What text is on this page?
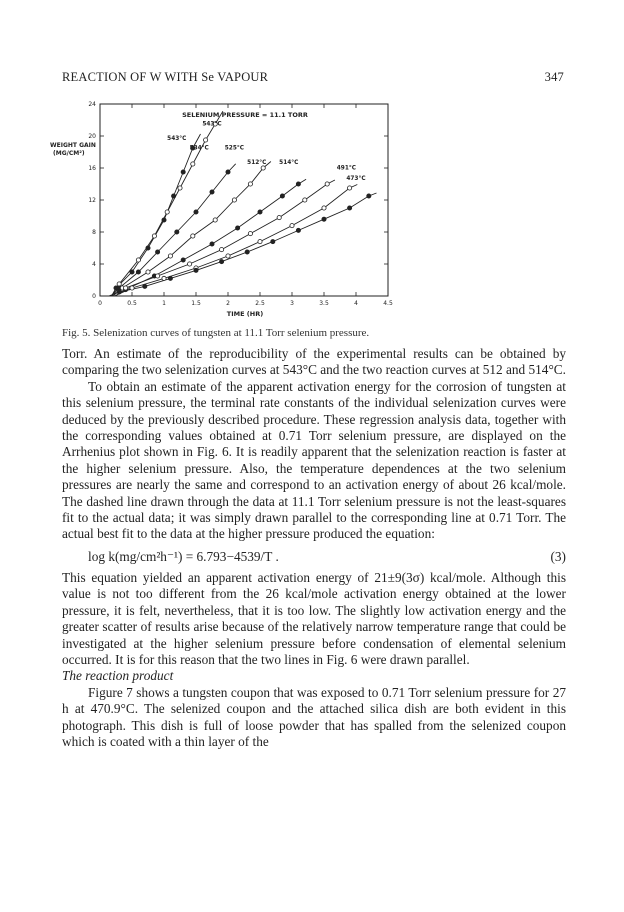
REACTION OF W WITH Se VAPOUR	347
0	0.5	1	1.5	2	2.5	3	3.5	4	4.5
0
4
8
12
16
20
24
543°C
543°C
534°C	525°C
512°C 514°C
491°C
473°C
SELENIUM PRESSURE = 11.1 TORR
WEIGHT GAIN
(MG/CM²)
TIME (HR)
Fig. 5. Selenization curves of tungsten at 11.1 Torr selenium pressure.

Torr. An estimate of the reproducibility of the experimental results can be obtained by comparing the two selenization curves at 543°C and the two reaction curves at 512 and 514°C.

To obtain an estimate of the apparent activation energy for the corrosion of tungsten at this selenium pressure, the terminal rate constants of the individual selenization curves were deduced by the previously described procedure. These regression analysis data, together with the corresponding values obtained at 0.71 Torr selenium pressure, are displayed on the Arrhenius plot shown in Fig. 6. It is readily apparent that the selenization reaction is faster at the higher selenium pressure. Also, the temperature dependences at the two selenium pressures are nearly the same and correspond to an activation energy of about 26 kcal/mole. The dashed line drawn through the data at 11.1 Torr selenium pressure is not the least-squares fit to the actual data; it was simply drawn parallel to the corresponding line at 0.71 Torr. The actual best fit to the data at the higher pressure produced the equation:

log k(mg/cm²h⁻¹) = 6.793−4539/T .	(3)

This equation yielded an apparent activation energy of 21±9(3σ) kcal/mole. Although this value is not too different from the 26 kcal/mole activation energy obtained at the lower pressure, it is felt, nevertheless, that it is too low. The slightly low activation energy and the greater scatter of results arise because of the relatively narrow temperature range that could be investigated at the higher selenium pressure before condensation of elemental selenium occurred. It is for this reason that the two lines in Fig. 6 were drawn parallel.

The reaction product

Figure 7 shows a tungsten coupon that was exposed to 0.71 Torr selenium pressure for 27 h at 470.9°C. The selenized coupon and the attached silica dish are both evident in this photograph. This dish is full of loose powder that has spalled from the selenized coupon which is coated with a thin layer of the
